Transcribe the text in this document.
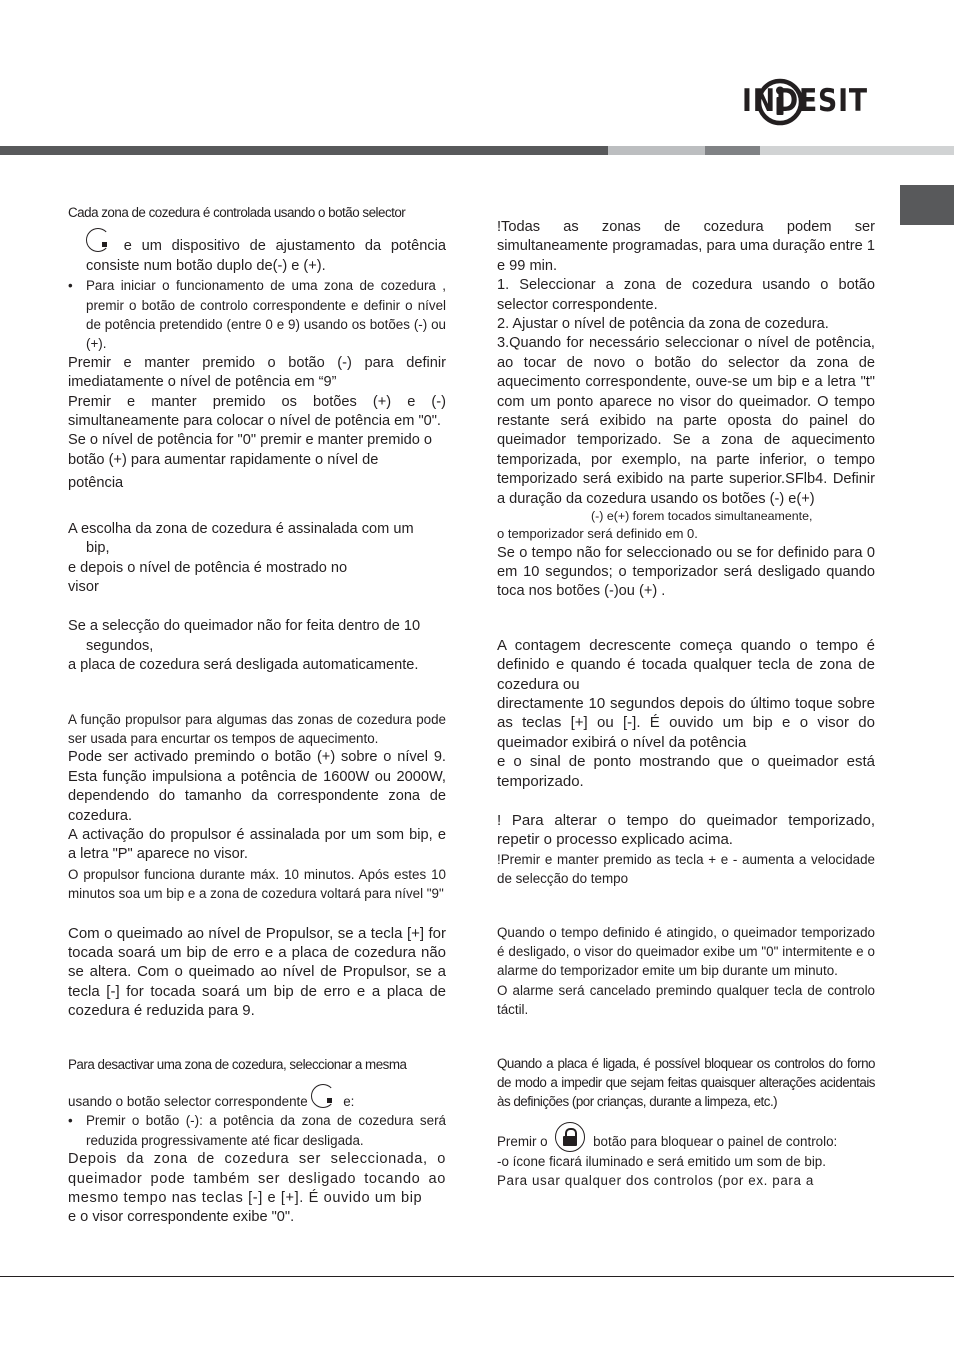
INDESIT

Cada zona de cozedura é controlada usando o botão selector

e um dispositivo de ajustamento da potência consiste num botão duplo de(-) e (+).

• Para iniciar o funcionamento de uma zona de cozedura , premir o botão de controlo correspondente e definir o nível de potência pretendido (entre 0 e 9) usando os botões (-) ou (+).

Premir e manter premido o botão (-) para definir imediatamente o nível de potência em “9”

Premir e manter premido os botões (+) e (-) simultaneamente para colocar o nível de potência em "0".

Se o nível de potência for "0" premir e manter premido o botão (+) para aumentar rapidamente o nível de

potência

A escolha da zona de cozedura é assinalada com um

bip,

e depois o nível de potência é mostrado no

visor

Se a selecção do queimador não for feita dentro de 10

segundos,

a placa de cozedura será desligada automaticamente.

A função propulsor para algumas das zonas de cozedura pode ser usada para encurtar os tempos de aquecimento.

Pode ser activado premindo o botão (+) sobre o nível 9. Esta função impulsiona a potência de 1600W ou 2000W, dependendo do tamanho da correspondente zona de cozedura.

A activação do propulsor é assinalada por um som bip, e a letra "P" aparece no visor.

O propulsor funciona durante máx. 10 minutos. Após estes 10 minutos soa um bip e a zona de cozedura voltará para nível "9"

Com o queimado ao nível de Propulsor, se a tecla [+] for tocada soará um bip de erro e a placa de cozedura não se altera. Com o queimado ao nível de Propulsor, se a tecla [-] for tocada soará um bip de erro e a placa de cozedura é reduzida para 9.

Para desactivar uma zona de cozedura, seleccionar a mesma

usando o botão selector correspondente	e:

• Premir o botão (-): a potência da zona de cozedura será reduzida progressivamente até ficar desligada.

Depois da zona de cozedura ser seleccionada, o queimador pode também ser desligado tocando ao mesmo tempo nas teclas [-] e [+]. É ouvido um bip

e o visor correspondente exibe "0".

!Todas as zonas de cozedura podem ser simultaneamente programadas, para uma duração entre 1 e 99 min.

1. Seleccionar a zona de cozedura usando o botão selector correspondente.

2. Ajustar o nível de potência da zona de cozedura.

3.Quando for necessário seleccionar o nível de potência, ao tocar de novo o botão do selector da zona de aquecimento correspondente, ouve-se um bip e a letra "t" com um ponto aparece no visor do queimador. O tempo restante será exibido na parte oposta do painel do queimador temporizado. Se a zona de aquecimento temporizada, por exemplo, na parte inferior, o tempo temporizado será exibido na parte superior.SFlb4. Definir a duração da cozedura usando os botões (-) e(+)

(-) e(+) forem tocados simultaneamente,

o temporizador será definido em 0.

Se o tempo não for seleccionado ou se for definido para 0 em 10 segundos; o temporizador será desligado quando toca nos botões (-)ou (+) .

A contagem decrescente começa quando o tempo é definido e quando é tocada qualquer tecla de zona de cozedura ou

directamente 10 segundos depois do último toque sobre as teclas [+] ou [-]. É ouvido um bip e o visor do queimador exibirá o nível da potência

e o sinal de ponto mostrando que o queimador está temporizado.

! Para alterar o tempo do queimador temporizado, repetir o processo explicado acima.

!Premir e manter premido as tecla + e - aumenta a velocidade de selecção do tempo

Quando o tempo definido é atingido, o queimador temporizado é desligado, o visor do queimador exibe um "0" intermitente e o alarme do temporizador emite um bip durante um minuto.

O alarme será cancelado premindo qualquer tecla de controlo táctil.

Quando a placa é ligada, é possível bloquear os controlos do forno de modo a impedir que sejam feitas quaisquer alterações acidentais às definições (por crianças, durante a limpeza, etc.)

Premir o	botão para bloquear o painel de controlo:

-o ícone ficará iluminado e será emitido um som de bip.

Para usar qualquer dos controlos (por ex. para a
